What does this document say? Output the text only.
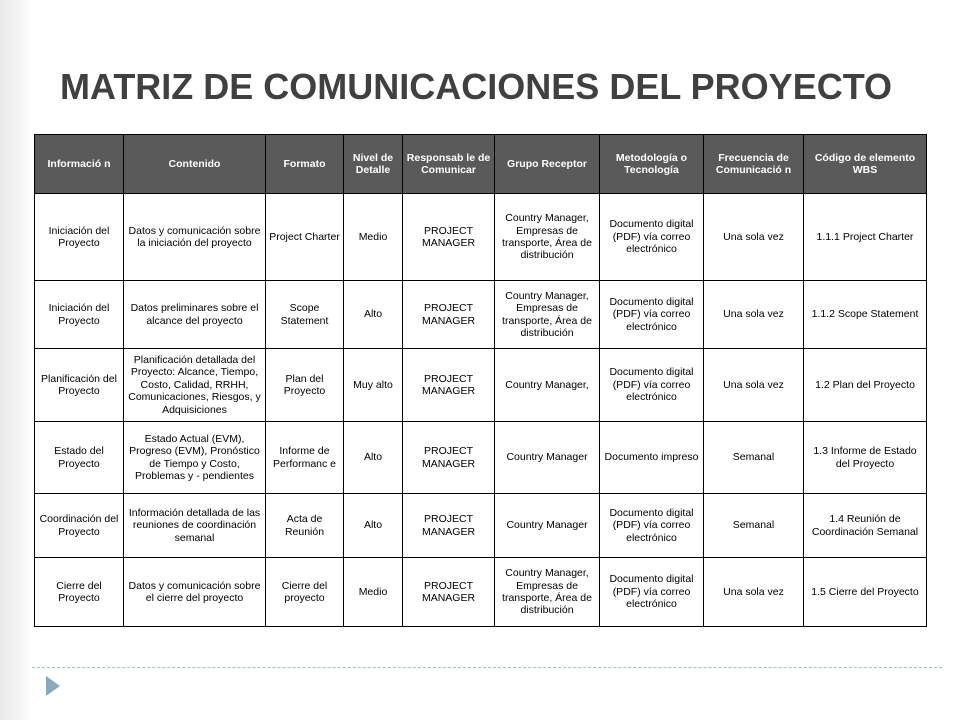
MATRIZ DE COMUNICACIONES DEL PROYECTO
Informació n	Contenido	Formato	Nivel de Detalle	Responsab le de Comunicar	Grupo Receptor	Metodología o Tecnología	Frecuencia de Comunicació n	Código de elemento WBS
Iniciación del Proyecto	Datos y comunicación sobre la iniciación del proyecto	Project Charter	Medio	PROJECT MANAGER	Country Manager, Empresas de transporte, Área de distribución	Documento digital (PDF) vía correo electrónico	Una sola vez	1.1.1 Project Charter
Iniciación del Proyecto	Datos preliminares sobre el alcance del proyecto	Scope Statement	Alto	PROJECT MANAGER	Country Manager, Empresas de transporte, Área de distribución	Documento digital (PDF) vía correo electrónico	Una sola vez	1.1.2 Scope Statement
Planificación del Proyecto	Planificación detallada del Proyecto: Alcance, Tiempo, Costo, Calidad, RRHH, Comunicaciones, Riesgos, y Adquisiciones	Plan del Proyecto	Muy alto	PROJECT MANAGER	Country Manager,	Documento digital (PDF) vía correo electrónico	Una sola vez	1.2 Plan del Proyecto
Estado del Proyecto	Estado Actual (EVM), Progreso (EVM), Pronóstico de Tiempo y Costo, Problemas y - pendientes	Informe de Performanc e	Alto	PROJECT MANAGER	Country Manager	Documento impreso	Semanal	1.3 Informe de Estado del Proyecto
Coordinación del Proyecto	Información detallada de las reuniones de coordinación semanal	Acta de Reunión	Alto	PROJECT MANAGER	Country Manager	Documento digital (PDF) vía correo electrónico	Semanal	1.4 Reunión de Coordinación Semanal
Cierre del Proyecto	Datos y comunicación sobre el cierre del proyecto	Cierre del proyecto	Medio	PROJECT MANAGER	Country Manager, Empresas de transporte, Área de distribución	Documento digital (PDF) vía correo electrónico	Una sola vez	1.5 Cierre del Proyecto
